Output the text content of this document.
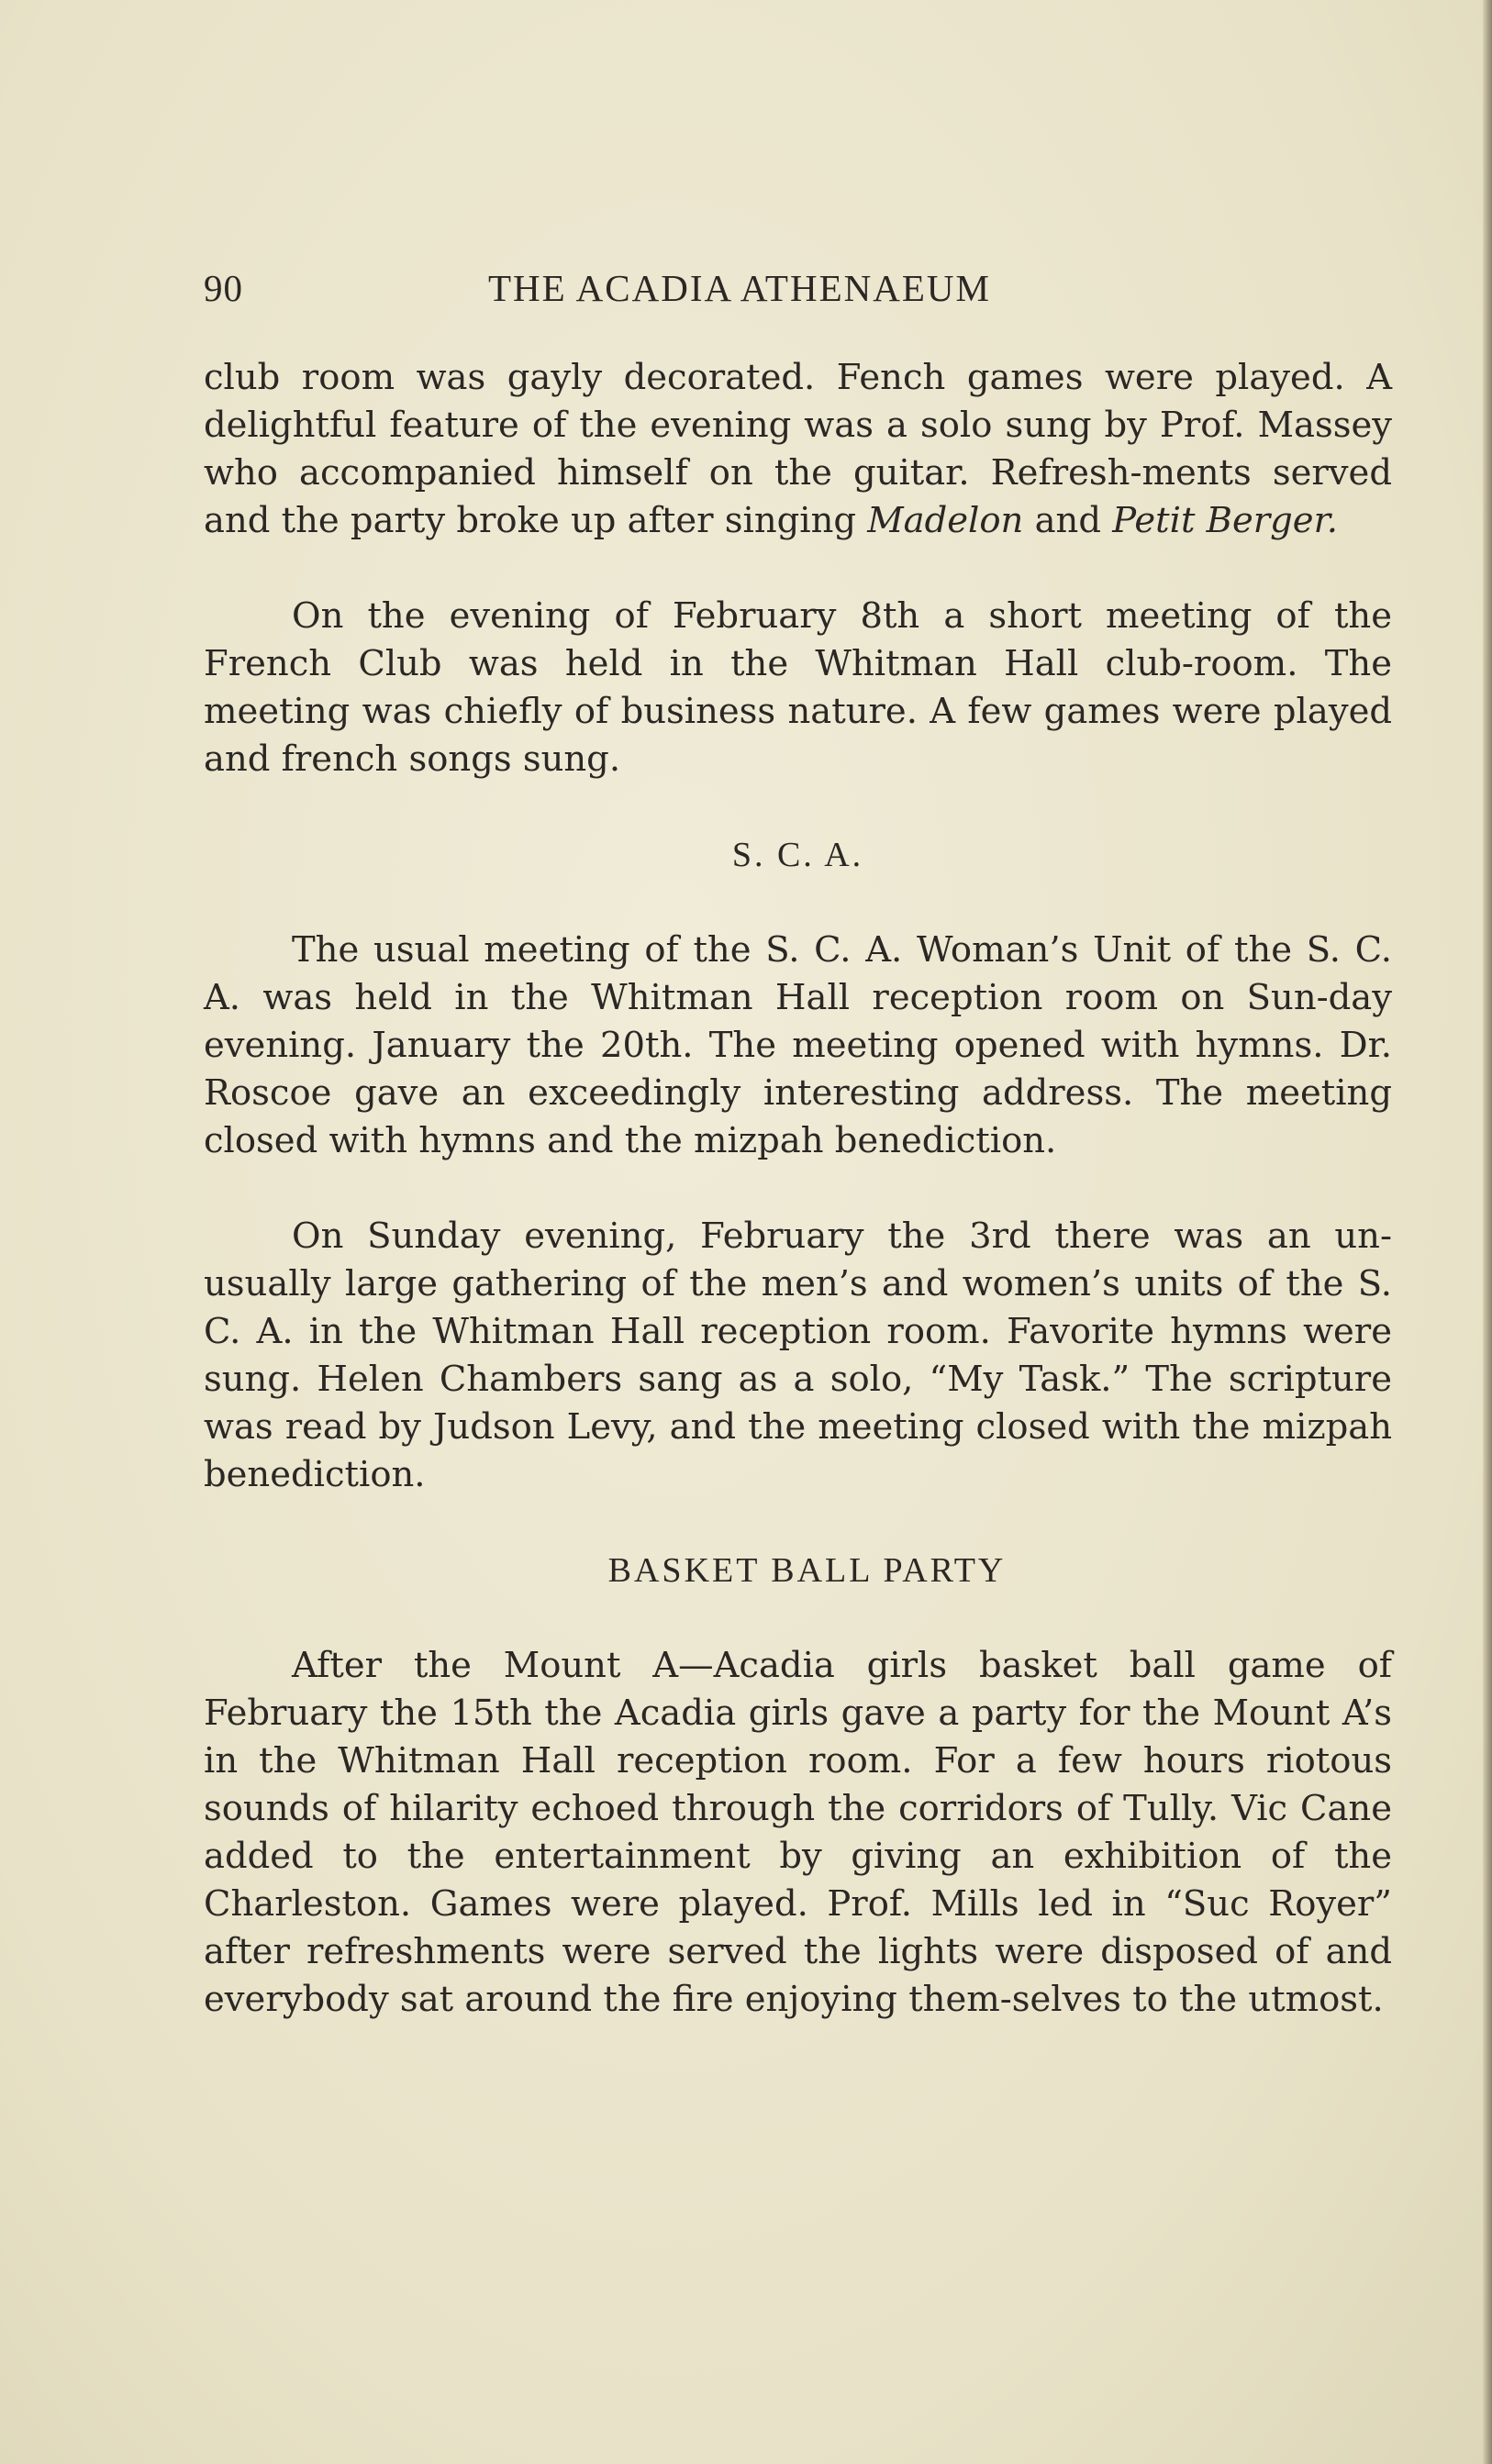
90	THE ACADIA ATHENAEUM

club room was gayly decorated. Fench games were played. A delightful feature of the evening was a solo sung by Prof. Massey who accompanied himself on the guitar. Refresh-ments served and the party broke up after singing Madelon and Petit Berger.

On the evening of February 8th a short meeting of the French Club was held in the Whitman Hall club-room. The meeting was chiefly of business nature. A few games were played and french songs sung.

S. C. A.

The usual meeting of the S. C. A. Woman’s Unit of the S. C. A. was held in the Whitman Hall reception room on Sun-day evening. January the 20th. The meeting opened with hymns. Dr. Roscoe gave an exceedingly interesting address. The meeting closed with hymns and the mizpah benediction.

On Sunday evening, February the 3rd there was an un-usually large gathering of the men’s and women’s units of the S. C. A. in the Whitman Hall reception room. Favorite hymns were sung. Helen Chambers sang as a solo, “My Task.” The scripture was read by Judson Levy, and the meeting closed with the mizpah benediction.

BASKET BALL PARTY

After the Mount A—Acadia girls basket ball game of February the 15th the Acadia girls gave a party for the Mount A’s in the Whitman Hall reception room. For a few hours riotous sounds of hilarity echoed through the corridors of Tully. Vic Cane added to the entertainment by giving an exhibition of the Charleston. Games were played. Prof. Mills led in “Suc Royer” after refreshments were served the lights were disposed of and everybody sat around the fire enjoying them-selves to the utmost.
